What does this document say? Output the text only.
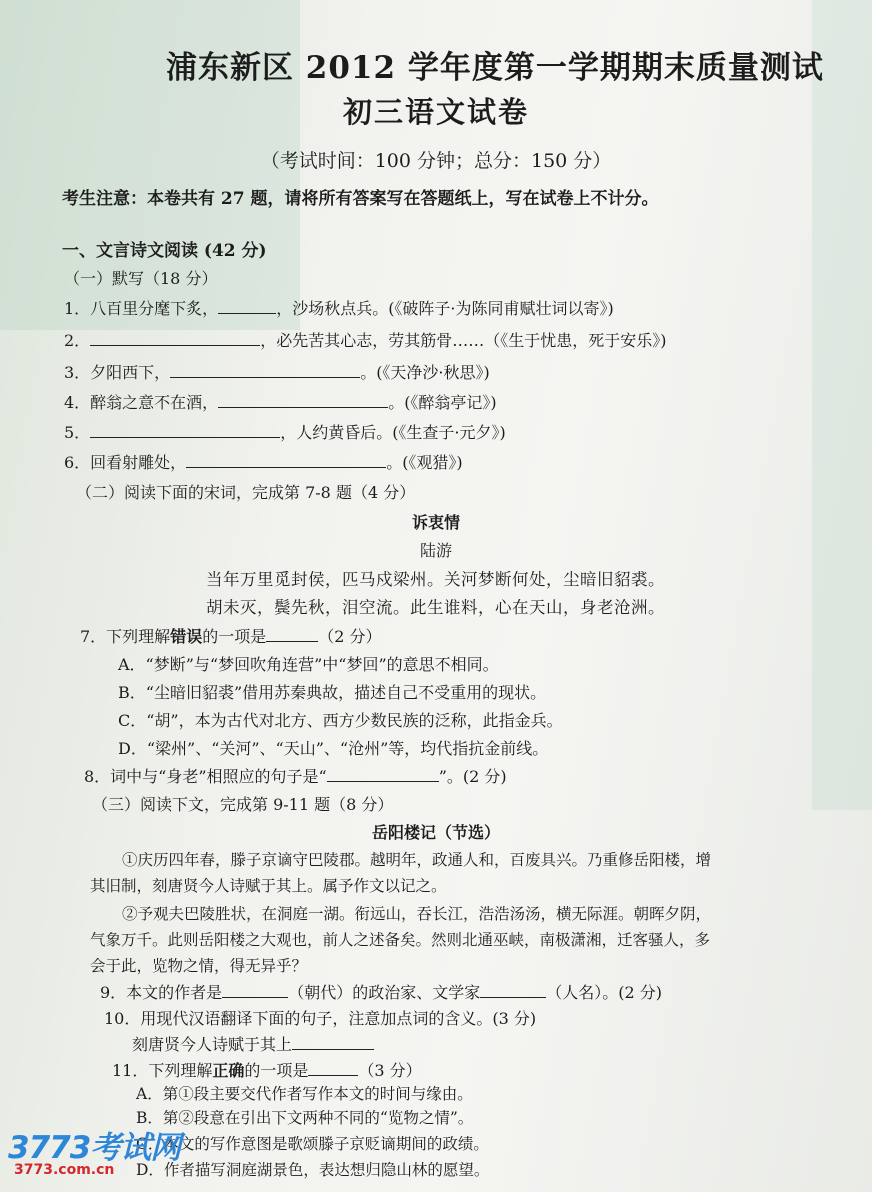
浦东新区 2012 学年度第一学期期末质量测试
初三语文试卷
（考试时间：100 分钟；总分：150 分）
考生注意：本卷共有 27 题，请将所有答案写在答题纸上，写在试卷上不计分。
一、文言诗文阅读 (42 分)
（一）默写（18 分）
1．八百里分麾下炙，	，沙场秋点兵。(《破阵子·为陈同甫赋壮词以寄》)
2．	，必先苦其心志，劳其筋骨……（《生于忧患，死于安乐》)
3．夕阳西下，	。(《天净沙·秋思》)
4．醉翁之意不在酒，	。(《醉翁亭记》)
5．	，人约黄昏后。(《生查子·元夕》)
6．回看射雕处，	。(《观猎》)
（二）阅读下面的宋词，完成第 7-8 题（4 分）
诉衷情
陆游
当年万里觅封侯，匹马戍梁州。关河梦断何处，尘暗旧貂裘。
胡未灭，鬓先秋，泪空流。此生谁料，心在天山，身老沧洲。
7．下列理解错误的一项是	（2 分）
A．“梦断”与“梦回吹角连营”中“梦回”的意思不相同。
B．“尘暗旧貂裘”借用苏秦典故，描述自己不受重用的现状。
C．“胡”，本为古代对北方、西方少数民族的泛称，此指金兵。
D．“梁州”、“关河”、“天山”、“沧州”等，均代指抗金前线。
8．词中与“身老”相照应的句子是“	”。(2 分)
（三）阅读下文，完成第 9-11 题（8 分）
岳阳楼记（节选）
①庆历四年春，滕子京谪守巴陵郡。越明年，政通人和，百废具兴。乃重修岳阳楼，增
其旧制，刻唐贤今人诗赋于其上。属予作文以记之。
②予观夫巴陵胜状，在洞庭一湖。衔远山，吞长江，浩浩汤汤，横无际涯。朝晖夕阴，
气象万千。此则岳阳楼之大观也，前人之述备矣。然则北通巫峡，南极潇湘，迁客骚人，多
会于此，览物之情，得无异乎？
9．本文的作者是	（朝代）的政治家、文学家	（人名）。(2 分)
10．用现代汉语翻译下面的句子，注意加点词的含义。(3 分)
刻唐贤今人诗赋于其上
11．下列理解正确的一项是	（3 分）
A．第①段主要交代作者写作本文的时间与缘由。
B．第②段意在引出下文两种不同的“览物之情”。
C．本文的写作意图是歌颂滕子京贬谪期间的政绩。
D．作者描写洞庭湖景色，表达想归隐山林的愿望。
3773考试网
3773.com.cn
